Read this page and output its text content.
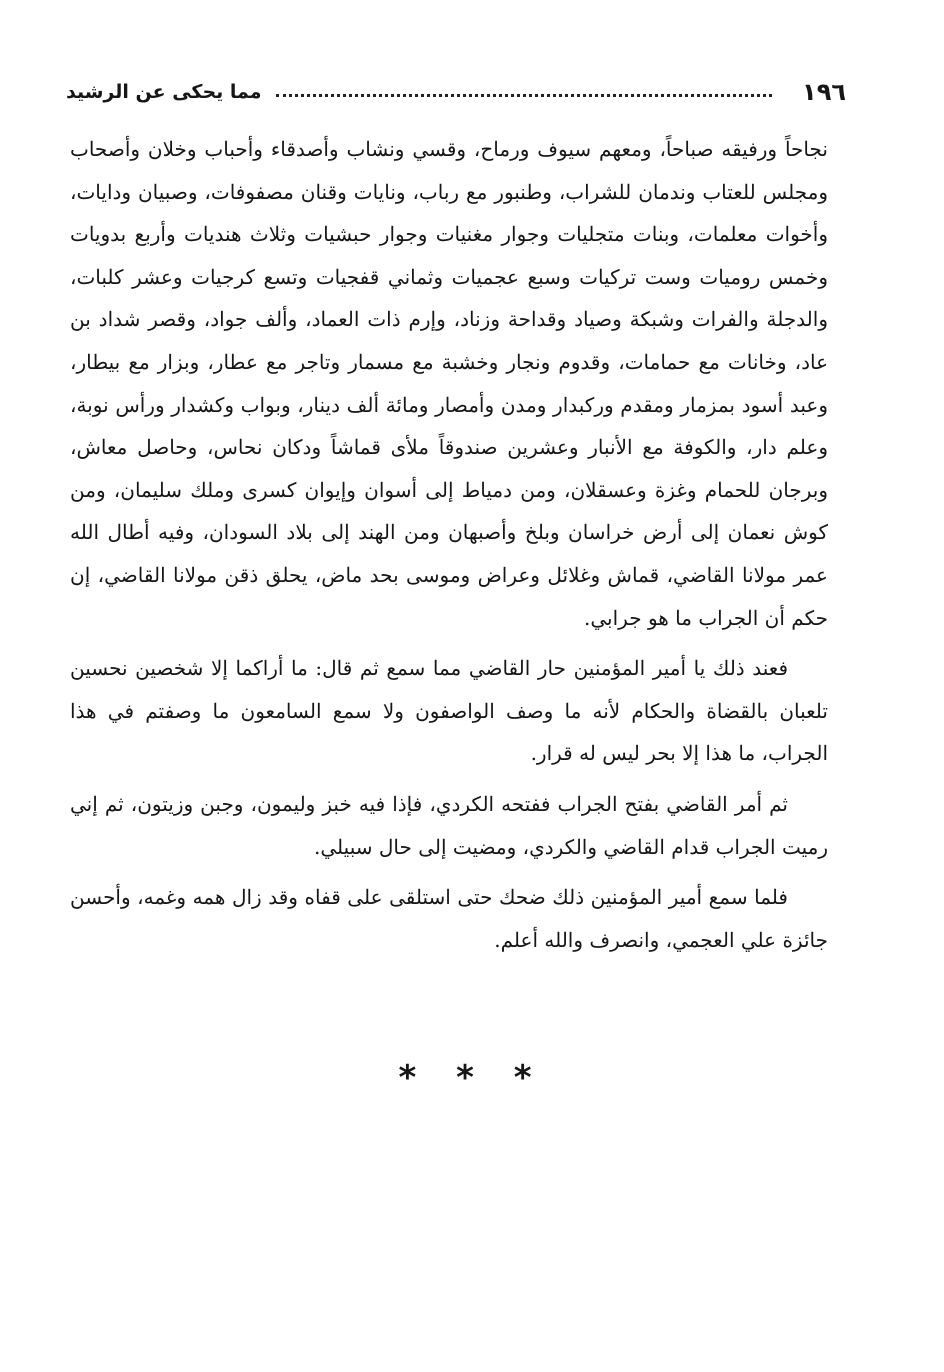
١٩٦
مما يحكى عن الرشيد

نجاحاً ورفيقه صباحاً، ومعهم سيوف ورماح، وقسي ونشاب وأصدقاء وأحباب وخلان وأصحاب ومجلس للعتاب وندمان للشراب، وطنبور مع رباب، ونايات وقنان مصفوفات، وصبيان ودايات، وأخوات معلمات، وبنات متجليات وجوار مغنيات وجوار حبشيات وثلاث هنديات وأربع بدويات وخمس روميات وست تركيات وسبع عجميات وثماني قفجيات وتسع كرجيات وعشر كلبات، والدجلة والفرات وشبكة وصياد وقداحة وزناد، وإرم ذات العماد، وألف جواد، وقصر شداد بن عاد، وخانات مع حمامات، وقدوم ونجار وخشبة مع مسمار وتاجر مع عطار، وبزار مع بيطار، وعبد أسود بمزمار ومقدم وركبدار ومدن وأمصار ومائة ألف دينار، وبواب وكشدار ورأس نوبة، وعلم دار، والكوفة مع الأنبار وعشرين صندوقاً ملأى قماشاً ودكان نحاس، وحاصل معاش، وبرجان للحمام وغزة وعسقلان، ومن دمياط إلى أسوان وإيوان كسرى وملك سليمان، ومن كوش نعمان إلى أرض خراسان وبلخ وأصبهان ومن الهند إلى بلاد السودان، وفيه أطال الله عمر مولانا القاضي، قماش وغلائل وعراض وموسى بحد ماض، يحلق ذقن مولانا القاضي، إن حكم أن الجراب ما هو جرابي.

فعند ذلك يا أمير المؤمنين حار القاضي مما سمع ثم قال: ما أراكما إلا شخصين نحسين تلعبان بالقضاة والحكام لأنه ما وصف الواصفون ولا سمع السامعون ما وصفتم في هذا الجراب، ما هذا إلا بحر ليس له قرار.

ثم أمر القاضي بفتح الجراب ففتحه الكردي، فإذا فيه خبز وليمون، وجبن وزيتون، ثم إني رميت الجراب قدام القاضي والكردي، ومضيت إلى حال سبيلي.

فلما سمع أمير المؤمنين ذلك ضحك حتى استلقى على قفاه وقد زال همه وغمه، وأحسن جائزة علي العجمي، وانصرف والله أعلم.

* * *
